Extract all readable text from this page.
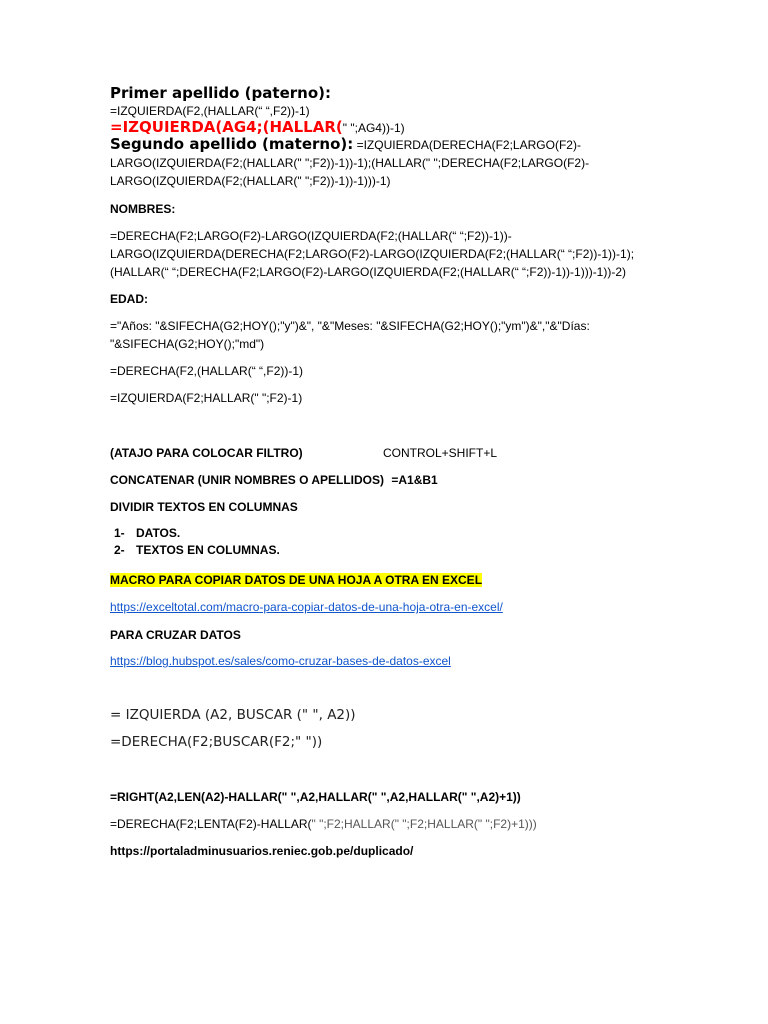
Primer apellido (paterno):
=IZQUIERDA(F2,(HALLAR(“ “,F2))-1)
=IZQUIERDA(AG4;(HALLAR(" ";AG4))-1)
Segundo apellido (materno): =IZQUIERDA(DERECHA(F2;LARGO(F2)-
LARGO(IZQUIERDA(F2;(HALLAR(" ";F2))-1))-1);(HALLAR(" ";DERECHA(F2;LARGO(F2)-
LARGO(IZQUIERDA(F2;(HALLAR(" ";F2))-1))-1)))-1)
NOMBRES:
=DERECHA(F2;LARGO(F2)-LARGO(IZQUIERDA(F2;(HALLAR(“ “;F2))-1))-
LARGO(IZQUIERDA(DERECHA(F2;LARGO(F2)-LARGO(IZQUIERDA(F2;(HALLAR(“ “;F2))-1))-1);
(HALLAR(“ “;DERECHA(F2;LARGO(F2)-LARGO(IZQUIERDA(F2;(HALLAR(“ “;F2))-1))-1)))-1))-2)
EDAD:
="Años: "&SIFECHA(G2;HOY();"y")&", "&"Meses: "&SIFECHA(G2;HOY();"ym")&","&"Días:
"&SIFECHA(G2;HOY();"md")
=DERECHA(F2,(HALLAR(“ “,F2))-1)
=IZQUIERDA(F2;HALLAR(" ";F2)-1)
(ATAJO PARA COLOCAR FILTRO)	CONTROL+SHIFT+L
CONCATENAR (UNIR NOMBRES O APELLIDOS) =A1&B1
DIVIDIR TEXTOS EN COLUMNAS
1- DATOS.
2- TEXTOS EN COLUMNAS.
MACRO PARA COPIAR DATOS DE UNA HOJA A OTRA EN EXCEL
https://exceltotal.com/macro-para-copiar-datos-de-una-hoja-otra-en-excel/
PARA CRUZAR DATOS
https://blog.hubspot.es/sales/como-cruzar-bases-de-datos-excel
= IZQUIERDA (A2, BUSCAR (" ", A2))
=DERECHA(F2;BUSCAR(F2;" "))
=RIGHT(A2,LEN(A2)-HALLAR(" ",A2,HALLAR(" ",A2,HALLAR(" ",A2)+1))
=DERECHA(F2;LENTA(F2)-HALLAR(" ";F2;HALLAR(" ";F2;HALLAR(" ";F2)+1)))
https://portaladminusuarios.reniec.gob.pe/duplicado/
